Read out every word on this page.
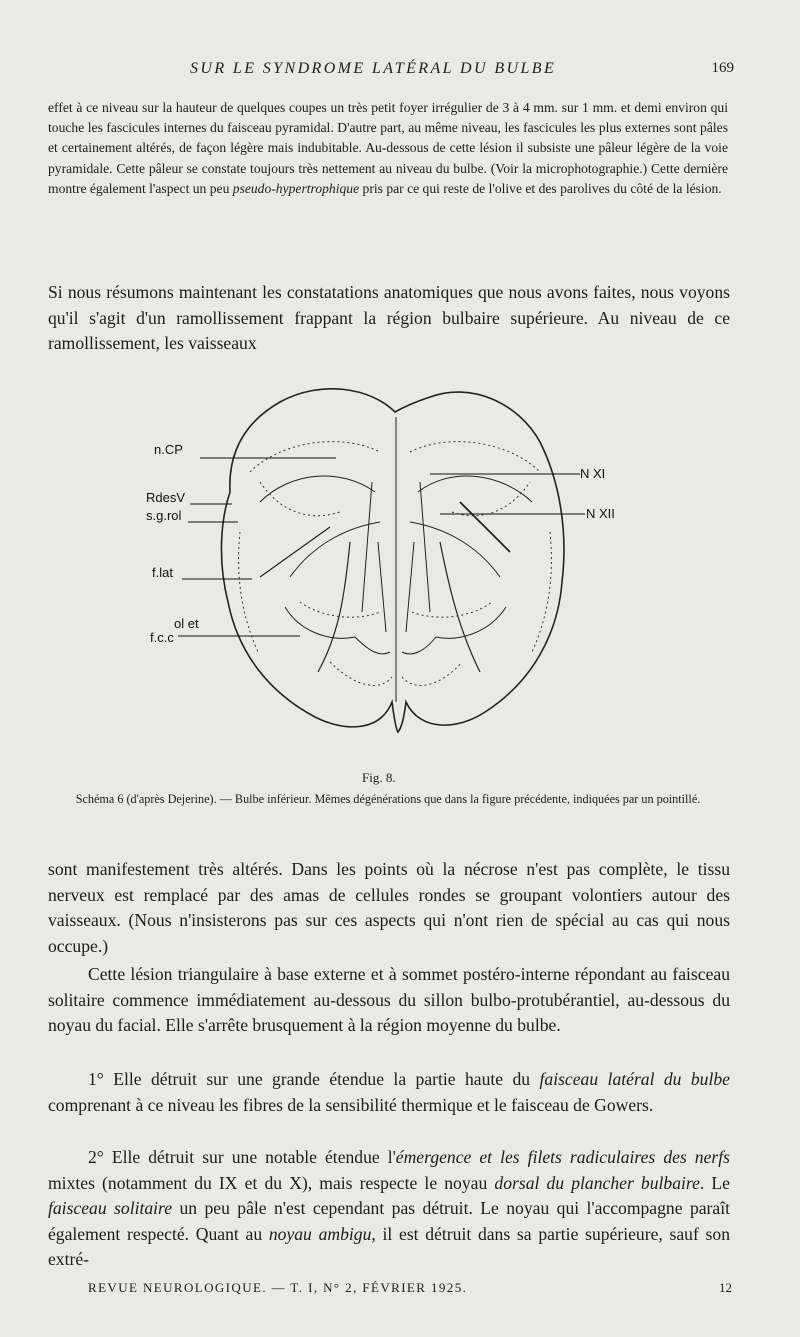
SUR LE SYNDROME LATÉRAL DU BULBE	169

effet à ce niveau sur la hauteur de quelques coupes un très petit foyer irrégulier de 3 à 4 mm. sur 1 mm. et demi environ qui touche les fascicules internes du faisceau pyramidal. D'autre part, au même niveau, les fascicules les plus externes sont pâles et certainement altérés, de façon légère mais indubitable. Au-dessous de cette lésion il subsiste une pâleur légère de la voie pyramidale. Cette pâleur se constate toujours très nettement au niveau du bulbe. (Voir la microphotographie.) Cette dernière montre également l'aspect un peu pseudo-hypertrophique pris par ce qui reste de l'olive et des parolives du côté de la lésion.

Si nous résumons maintenant les constatations anatomiques que nous avons faites, nous voyons qu'il s'agit d'un ramollissement frappant la région bulbaire supérieure. Au niveau de ce ramollissement, les vaisseaux

n.CP
RdesV
s.g.rol
f.lat
ol et
f.c.c
N XI
N XII
Fig. 8.

Schéma 6 (d'après Dejerine). — Bulbe inférieur. Mêmes dégénérations que dans la figure précédente, indiquées par un pointillé.

sont manifestement très altérés. Dans les points où la nécrose n'est pas complète, le tissu nerveux est remplacé par des amas de cellules rondes se groupant volontiers autour des vaisseaux. (Nous n'insisterons pas sur ces aspects qui n'ont rien de spécial au cas qui nous occupe.)

Cette lésion triangulaire à base externe et à sommet postéro-interne répondant au faisceau solitaire commence immédiatement au-dessous du sillon bulbo-protubérantiel, au-dessous du noyau du facial. Elle s'arrête brusquement à la région moyenne du bulbe.

1° Elle détruit sur une grande étendue la partie haute du faisceau latéral du bulbe comprenant à ce niveau les fibres de la sensibilité thermique et le faisceau de Gowers.

2° Elle détruit sur une notable étendue l'émergence et les filets radiculaires des nerfs mixtes (notamment du IX et du X), mais respecte le noyau dorsal du plancher bulbaire. Le faisceau solitaire un peu pâle n'est cependant pas détruit. Le noyau qui l'accompagne paraît également respecté. Quant au noyau ambigu, il est détruit dans sa partie supérieure, sauf son extré-

REVUE NEUROLOGIQUE. — T. I, N° 2, FÉVRIER 1925.	12
